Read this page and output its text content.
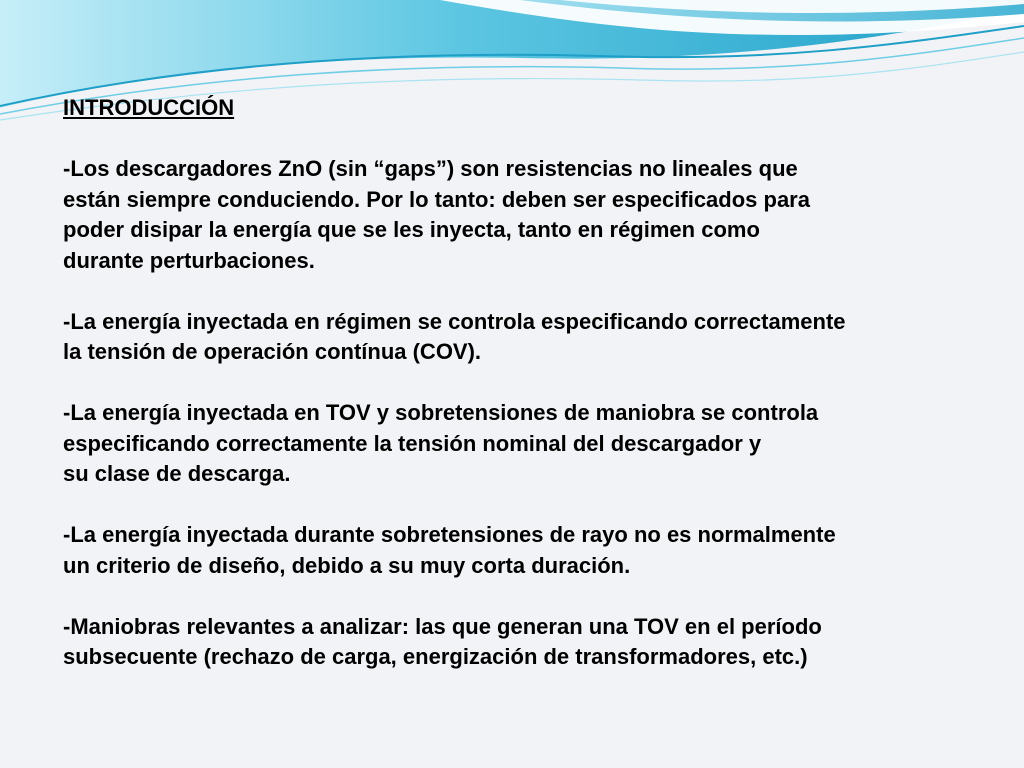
INTRODUCCIÓN
-Los descargadores ZnO (sin “gaps”) son resistencias no lineales que
están siempre conduciendo. Por lo tanto: deben ser especificados para
poder disipar la energía que se les inyecta, tanto en régimen como
durante perturbaciones.
-La energía inyectada en régimen se controla especificando correctamente
la tensión de operación contínua (COV).
-La energía inyectada en TOV y sobretensiones de maniobra se controla
especificando correctamente la tensión nominal del descargador y
su clase de descarga.
-La energía inyectada durante sobretensiones de rayo no es normalmente
un criterio de diseño, debido a su muy corta duración.
-Maniobras relevantes a analizar: las que generan una TOV en el período
subsecuente (rechazo de carga, energización de transformadores, etc.)
